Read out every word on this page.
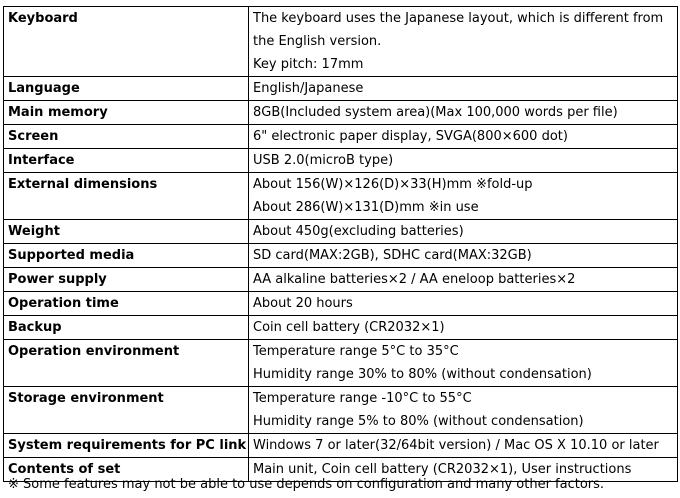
Keyboard	The keyboard uses the Japanese layout, which is different from
the English version.
Key pitch: 17mm

Language	English/Japanese

Main memory	8GB(Included system area)(Max 100,000 words per file)

Screen	6" electronic paper display, SVGA(800×600 dot)

Interface	USB 2.0(microB type)

External dimensions	About 156(W)×126(D)×33(H)mm ※fold-up
About 286(W)×131(D)mm ※in use

Weight	About 450g(excluding batteries)

Supported media	SD card(MAX:2GB), SDHC card(MAX:32GB)

Power supply	AA alkaline batteries×2 / AA eneloop batteries×2

Operation time	About 20 hours

Backup	Coin cell battery (CR2032×1)

Operation environment	Temperature range 5°C to 35°C
Humidity range 30% to 80% (without condensation)

Storage environment	Temperature range -10°C to 55°C
Humidity range 5% to 80% (without condensation)

System requirements for PC link	Windows 7 or later(32/64bit version) / Mac OS X 10.10 or later

Contents of set	Main unit, Coin cell battery (CR2032×1), User instructions
※ Some features may not be able to use depends on configuration and many other factors.
